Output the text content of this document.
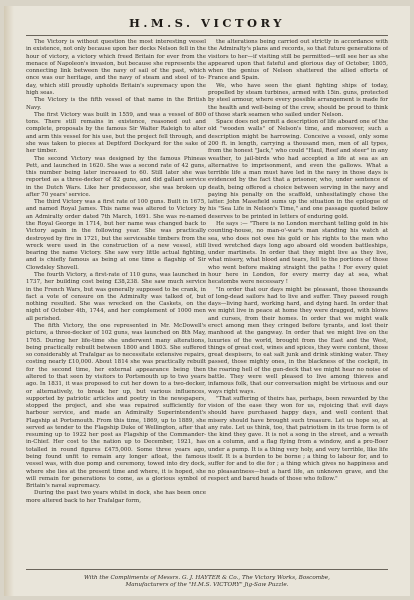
H.M.S. VICTORY

The Victory is without question the most interesting vessel in existence, not only because upon her decks Nelson fell in the hour of victory, a victory which freed Britain for ever from the menace of Napoleon's invasion, but because she represents the connecting link between the navy of sail of the past, which once was our heritage, and the navy of steam and steel of to-day, which still proudly upholds Britain's supremacy upon the high seas.

The Victory is the fifth vessel of that name in the British Navy.

The first Victory was built in 1559, and was a vessel of 800 tons. There still remains in existence, reasoned out and complete, proposals by the famous Sir Walter Raleigh to alter and arm this vessel for his use, but the project fell through, and she was taken to pieces at Deptford Dockyard for the sake of her timber.

The second Victory was designed by the famous Phineas Pett, and launched in 1620. She was a second rate of 42 guns, this number being later increased to 60. Still later she was reported as a three-decker of 82 guns, and did gallant service in the Dutch Wars. Like her predecessor, she was broken up after 70 years' service.

The third Victory was a first rate of 100 guns. Built in 1675, and named Royal James. This name was altered to Victory by an Admiralty order dated 7th March, 1691. She was re-named the Royal George in 1714, but her name was changed back to Victory again in the following year. She was practically destroyed by fire in 1721, but the serviceable timbers from the wreck were used in the construction of a new vessel, still bearing the name Victory. She saw very little actual fighting, and is chiefly famous as being at one time a flagship of Sir Clowdsley Shovell.

The fourth Victory, a first-rate of 110 guns, was launched in 1737, her building cost being £38,238. She saw much service in the French Wars, but was generally supposed to be crank, in fact a vote of censure on the Admiralty was talked of, but nothing resulted. She was wrecked on the Caskets, on the night of October 4th, 1744, and her complement of 1000 men all perished.

The fifth Victory, the one represented in Mr. McDowell's picture, a three-decker of 102 guns, was launched on 8th May, 1765. During her life-time she underwent many alterations, being practically rebuilt between 1800 and 1803. She suffered so considerably at Trafalgar as to necessitate extensive repairs, costing nearly £10,000. About 1814 she was practically rebuilt for the second time, her external appearance being then altered to that seen by visitors to Portsmouth up to two years ago. In 1831, it was proposed to cut her down to a two-decker, or alternatively, to break her up, but various influences, supported by patriotic articles and poetry in the newspapers, stopped the project, and she was repaired sufficiently for harbour service, and made an Admiralty Superintendent's Flagship at Portsmouth. From this time, 1869, up to 1889, she served as tender to the Flagship Duke of Wellington, after that resuming up to 1922 her post as Flagship of the Commander-in-Chief. Her cost to the nation up to December, 1921, has totalled in round figures £475,000. Some three years ago, being found unfit to remain any longer afloat, the famous vessel was, with due pomp and ceremony, towed into dry dock, where she lies at the present time and where, it is hoped, she will remain for generations to come, as a glorious symbol of Britain's naval supremacy.

During the past two years whilst in dock, she has been once more altered back to her Trafalgar form,

the alterations being carried out strictly in accordance with the Admiralty's plans and records, so that future generations of visitors to her—if visiting still be permitted—will see her as she appeared upon that fateful and glorious day of October, 1805, when the genius of Nelson shattered the allied efforts of France and Spain.

We, who have seen the giant fighting ships of today, propelled by steam turbines, armed with 15in. guns, protected by steel armour, where every possible arrangement is made for the health and well-being of the crew, should be proud to think of those stark seamen who sailed under Nelson.

Space does not permit a description of life aboard one of the old "wooden walls" of Nelson's time, and moreover, such a description might be harrowing. Conceive a vessel, only some 200 ft. in length, carrying a thousand men, men of all types, from the honest "Jack," who could "Haul, Reef and steer" in any weather, to jail-birds who had accepted a life at sea as an alternative to imprisonment, and even the gallows. What a terrible life a man must have led in the navy in those days is evidenced by the fact that a prisoner, who, under sentence of death, being offered a choice between serving in the navy and paying his penalty on the scaffold, unhesitatingly chose the latter. John Masefield sums up the situation in the epilogue of his "Sea Life in Nelson's Time," and one passage quoted below deserves to be printed in letters of enduring gold.

He says :— "There is no London merchant telling gold in his counting-house, no man-o'-war's man standing his watch at sea, who does not owe his gold or his rights to the men who lived wretched days long ago aboard old wooden battleships, under martinets. In order that they might live as they live, what misery, what blood and tears, fell to the portions of those who went before making straight the paths ! For every quiet hour here in London, for every merry day at sea, what hecatombs were necessary !

"In order that our days might be pleasant, those thousands of long-dead sailors had to live and suffer. They passed rough days—living hard, working hard, and dying hard. In order that we might live in peace at home they were dragged, with blows and curses, from their homes. In order that we might walk erect among men they cringed before tyrants, and lost their manhood at the gangway. In order that we might live on the luxuries of the world, brought from the East and the West, things of great cost, wines and spices, they were content, those great despisers, to eat salt junk and drink stinking water. They passed, those mighty ones, in the blackness of the cockpit, in the roaring hell of the gun-deck that we might hear no noise of battle. They were well pleased to live among thieves and infamous folk, that our conversation might be virtuous and our ways right ways.

"That suffering of theirs has, perhaps, been rewarded by the vision of the ease they won for us, rejoicing that evil days should have purchased happy days, and well content that misery should have brought such treasure. Let us hope so, at any rate. Let us think, too, that patriotism in its true form is of the kind they gave. It is not a song in the street, and a wreath on a column, and a flag flying from a window, and a pro-Boer under a pump. It is a thing very holy, and very terrible, like life itself. It is a burden to be borne ; a thing to labour for, and to suffer for and to die for ; a thing which gives no happiness and no pleasantness—but a hard life, an unknown grave, and the respect and bared heads of those who follow."

With the Compliments of Messrs. G. J. HAYTER & Co., The Victory Works, Boscombe,
Manufacturers of the "H.M.S. VICTORY" Jig-Saw Puzzle.
